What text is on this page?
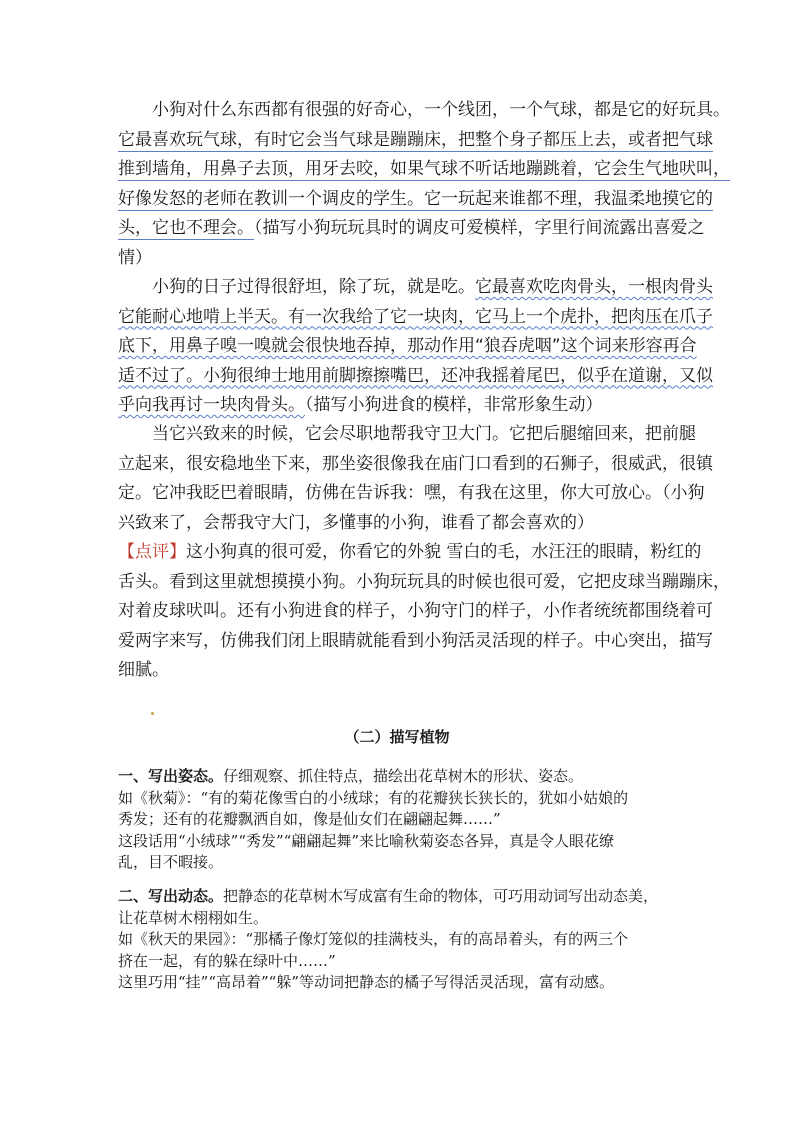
小狗对什么东西都有很强的好奇心，一个线团，一个气球，都是它的好玩具。
它最喜欢玩气球，有时它会当气球是蹦蹦床，把整个身子都压上去，或者把气球
推到墙角，用鼻子去顶，用牙去咬，如果气球不听话地蹦跳着，它会生气地吠叫，
好像发怒的老师在教训一个调皮的学生。它一玩起来谁都不理，我温柔地摸它的
头，它也不理会。（描写小狗玩玩具时的调皮可爱模样，字里行间流露出喜爱之
情）
小狗的日子过得很舒坦，除了玩，就是吃。它最喜欢吃肉骨头，一根肉骨头
它能耐心地啃上半天。有一次我给了它一块肉，它马上一个虎扑，把肉压在爪子
底下，用鼻子嗅一嗅就会很快地吞掉，那动作用“狼吞虎咽”这个词来形容再合
适不过了。小狗很绅士地用前脚擦擦嘴巴，还冲我摇着尾巴，似乎在道谢，又似
乎向我再讨一块肉骨头。（描写小狗进食的模样，非常形象生动）
当它兴致来的时候，它会尽职地帮我守卫大门。它把后腿缩回来，把前腿
立起来，很安稳地坐下来，那坐姿很像我在庙门口看到的石狮子，很威武，很镇
定。它冲我眨巴着眼睛，仿佛在告诉我：嘿，有我在这里，你大可放心。（小狗
兴致来了，会帮我守大门，多懂事的小狗，谁看了都会喜欢的）
【点评】这小狗真的很可爱，你看它的外貌 雪白的毛，水汪汪的眼睛，粉红的
舌头。看到这里就想摸摸小狗。小狗玩玩具的时候也很可爱，它把皮球当蹦蹦床，
对着皮球吠叫。还有小狗进食的样子，小狗守门的样子，小作者统统都围绕着可
爱两字来写，仿佛我们闭上眼睛就能看到小狗活灵活现的样子。中心突出，描写
细腻。
（二）描写植物
一、写出姿态。仔细观察、抓住特点，描绘出花草树木的形状、姿态。
如《秋菊》：“有的菊花像雪白的小绒球；有的花瓣狭长狭长的，犹如小姑娘的
秀发；还有的花瓣飘洒自如，像是仙女们在翩翩起舞……”
这段话用“小绒球”“秀发”“翩翩起舞”来比喻秋菊姿态各异，真是令人眼花缭
乱，目不暇接。
二、写出动态。把静态的花草树木写成富有生命的物体，可巧用动词写出动态美，
让花草树木栩栩如生。
如《秋天的果园》：“那橘子像灯笼似的挂满枝头，有的高昂着头，有的两三个
挤在一起，有的躲在绿叶中……”
这里巧用“挂”“高昂着”“躲”等动词把静态的橘子写得活灵活现，富有动感。
